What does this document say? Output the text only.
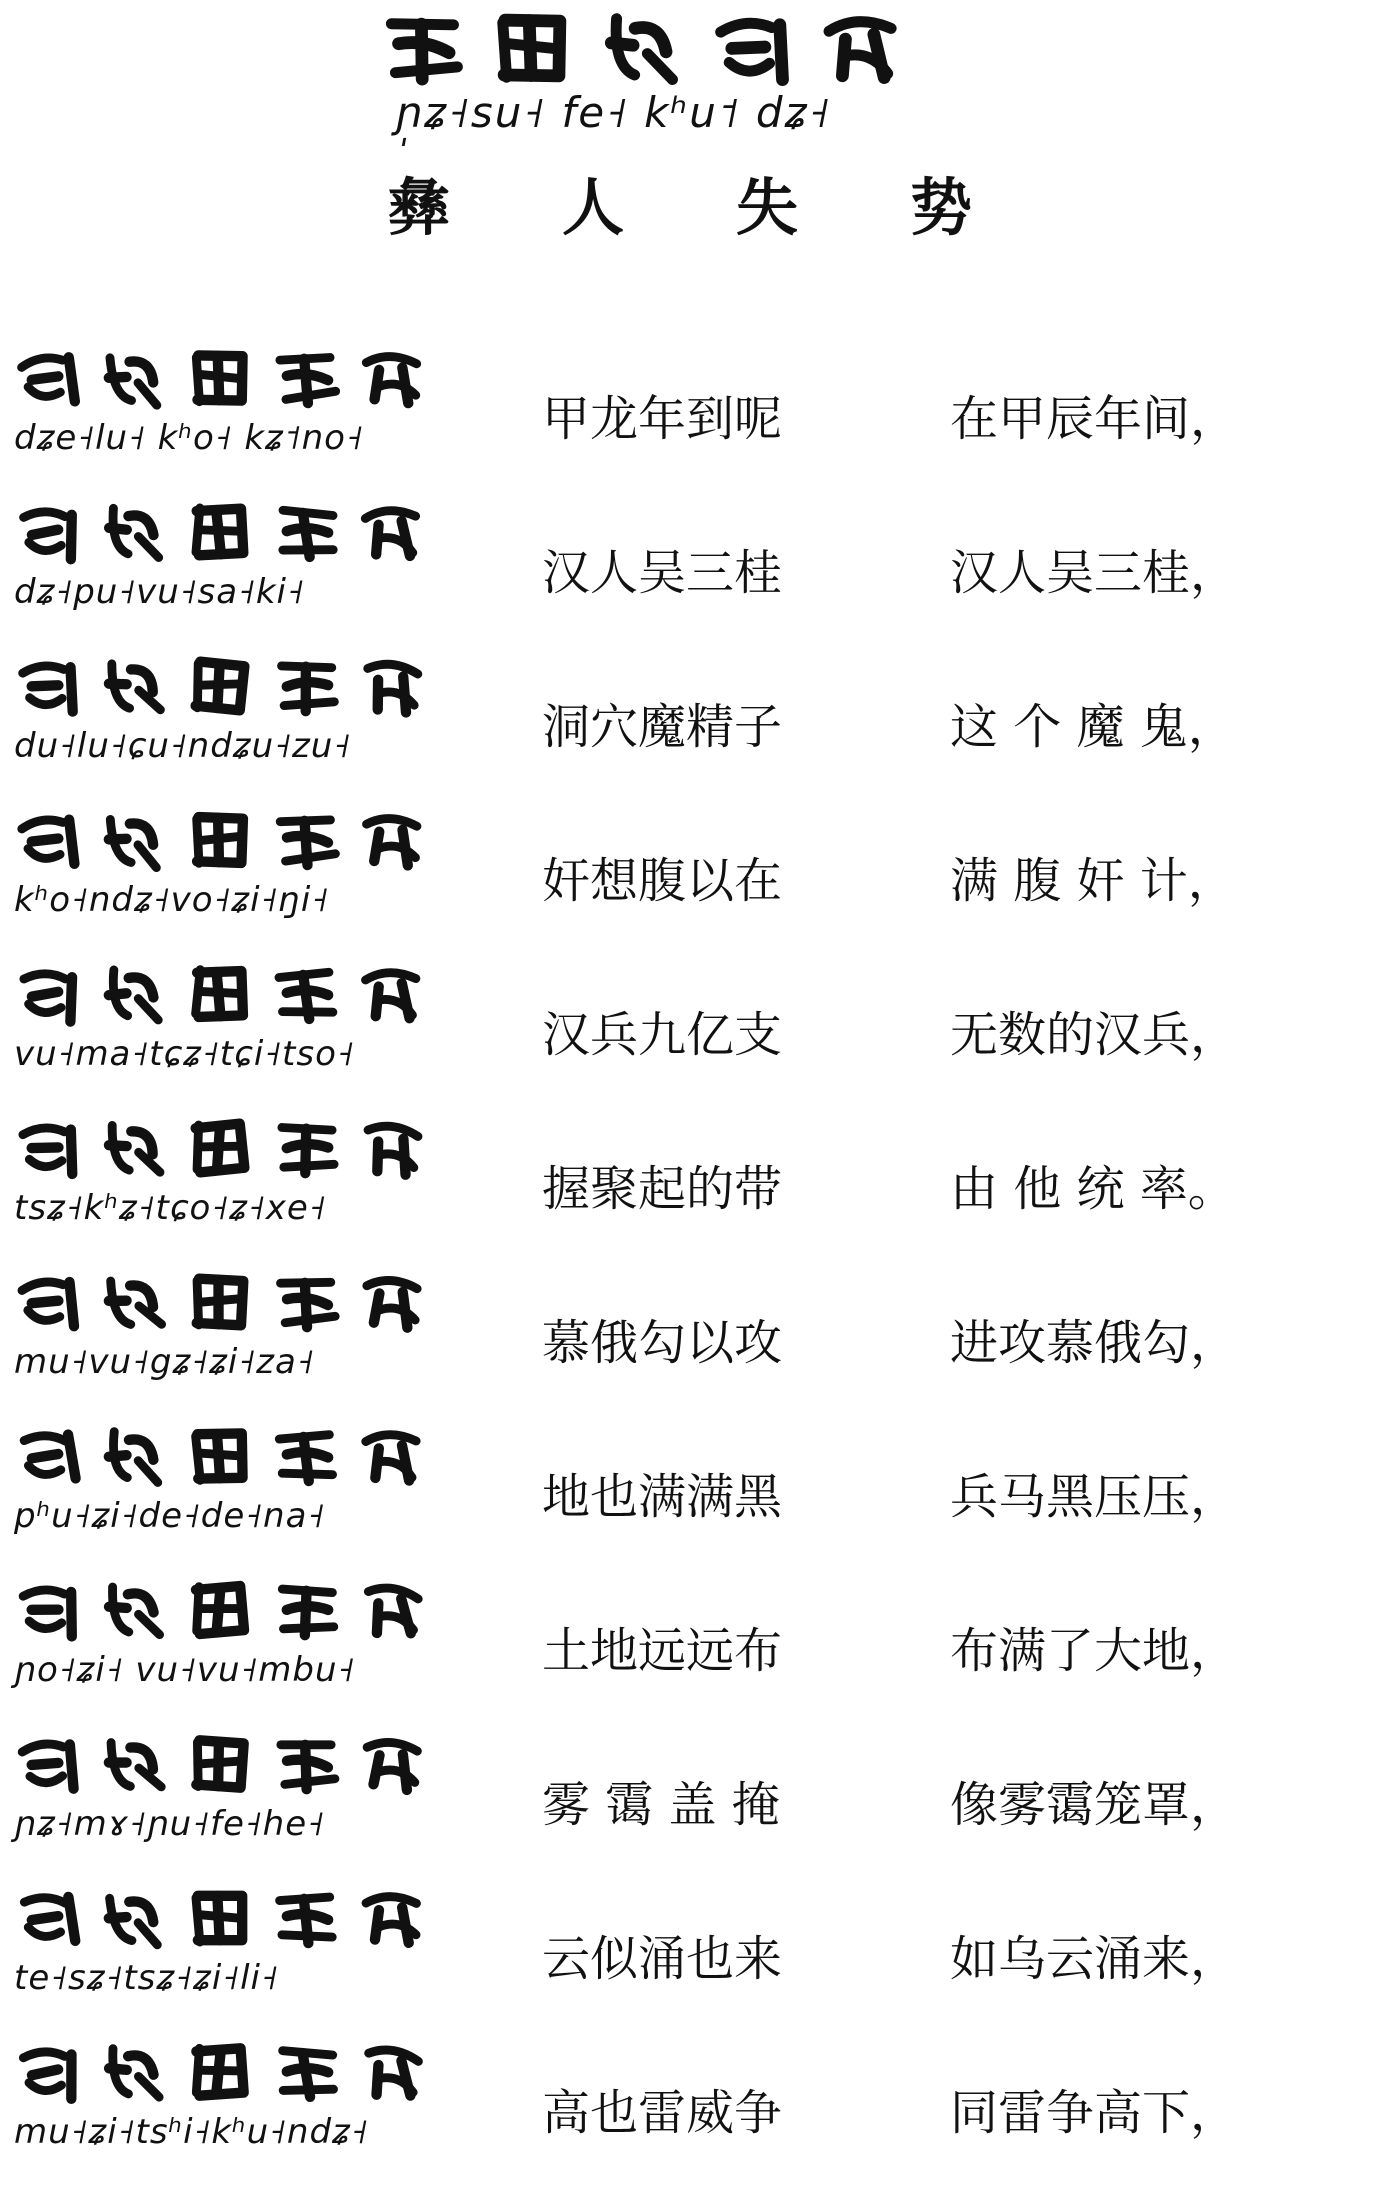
ɲ̩ʑ˧su˧ fe˧ kʰu˦ dʑ˧
彝 人 失 势
dʑe˧lu˧ kʰo˧ kʑ˦no˧	甲龙年到呢	在甲辰年间，
dʑ˧pu˧vu˧sa˧ki˧	汉人吴三桂	汉人吴三桂，
du˧lu˧ɕu˧ndʑu˧zu˧	洞穴魔精子	这 个 魔 鬼，
kʰo˧ndʑ˧vo˧ʑi˧ŋi˧	奸想腹以在	满 腹 奸 计，
vu˧ma˧tɕʑ˧tɕi˧tso˧	汉兵九亿支	无数的汉兵，
tsʑ˧kʰʑ˧tɕo˧ʑ˧xe˧	握聚起的带	由 他 统 率。
mu˧vu˧gʑ˧ʑi˧za˧	慕俄勾以攻	进攻慕俄勾，
pʰu˧ʑi˧de˧de˧na˧	地也满满黑	兵马黑压压，
ɲo˧ʑi˧ vu˧vu˧mbu˧	土地远远布	布满了大地，
ɲʑ˧mɤ˧ɲu˧fe˧he˧	雾 霭 盖 掩	像雾霭笼罩，
te˧sʑ˧tsʑ˧ʑi˧li˧	云似涌也来	如乌云涌来，
mu˧ʑi˧tsʰi˧kʰu˧ndʑ˧	高也雷威争	同雷争高下，
